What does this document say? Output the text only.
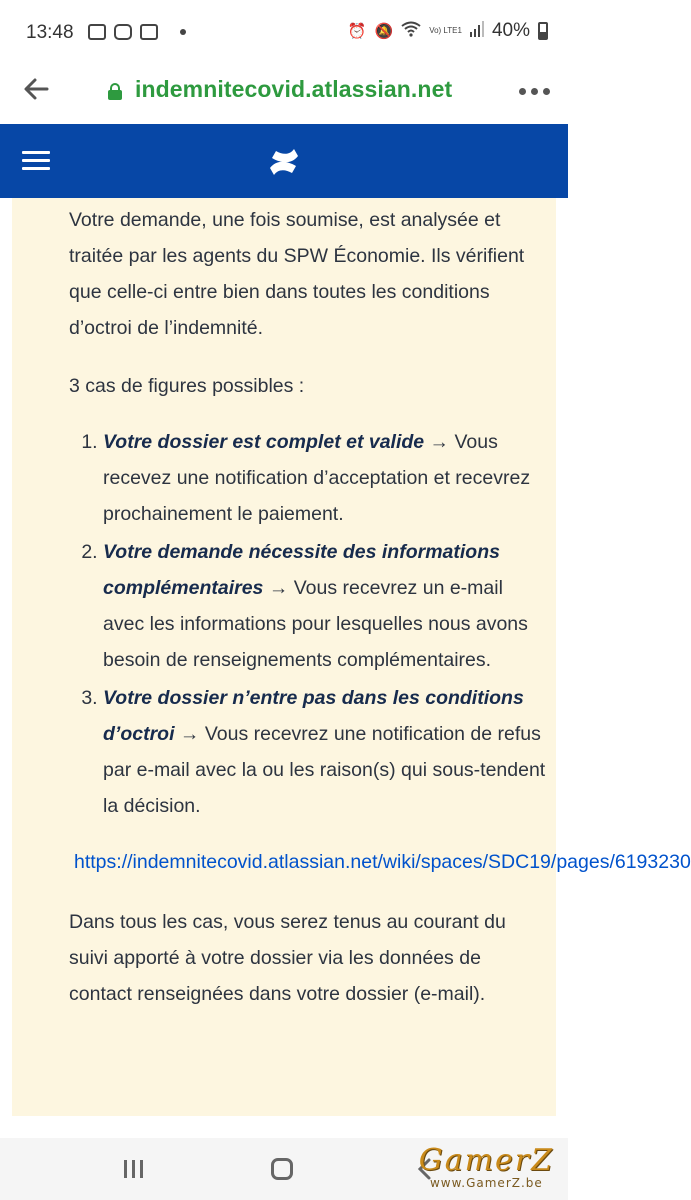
13:48	⏰ 🔕	Vo) LTE1 40%
indemnitecovid.atlassian.net

Votre demande, une fois soumise, est analysée et traitée par les agents du SPW Économie. Ils vérifient que celle-ci entre bien dans toutes les conditions d’octroi de l’indemnité.

3 cas de figures possibles :

1. Votre dossier est complet et valide → Vous recevez une notification d’acceptation et recevrez prochainement le paiement.
2. Votre demande nécessite des informations complémentaires → Vous recevrez un e-mail avec les informations pour lesquelles nous avons besoin de renseignements complémentaires.
3. Votre dossier n’entre pas dans les conditions d’octroi → Vous recevrez une notification de refus par e-mail avec la ou les raison(s) qui sous-tendent la décision.
https://indemnitecovid.atlassian.net/wiki/spaces/SDC19/pages/6193230

Dans tous les cas, vous serez tenus au courant du suivi apporté à votre dossier via les données de contact renseignées dans votre dossier (e-mail).

GamerZ
www.GamerZ.be
